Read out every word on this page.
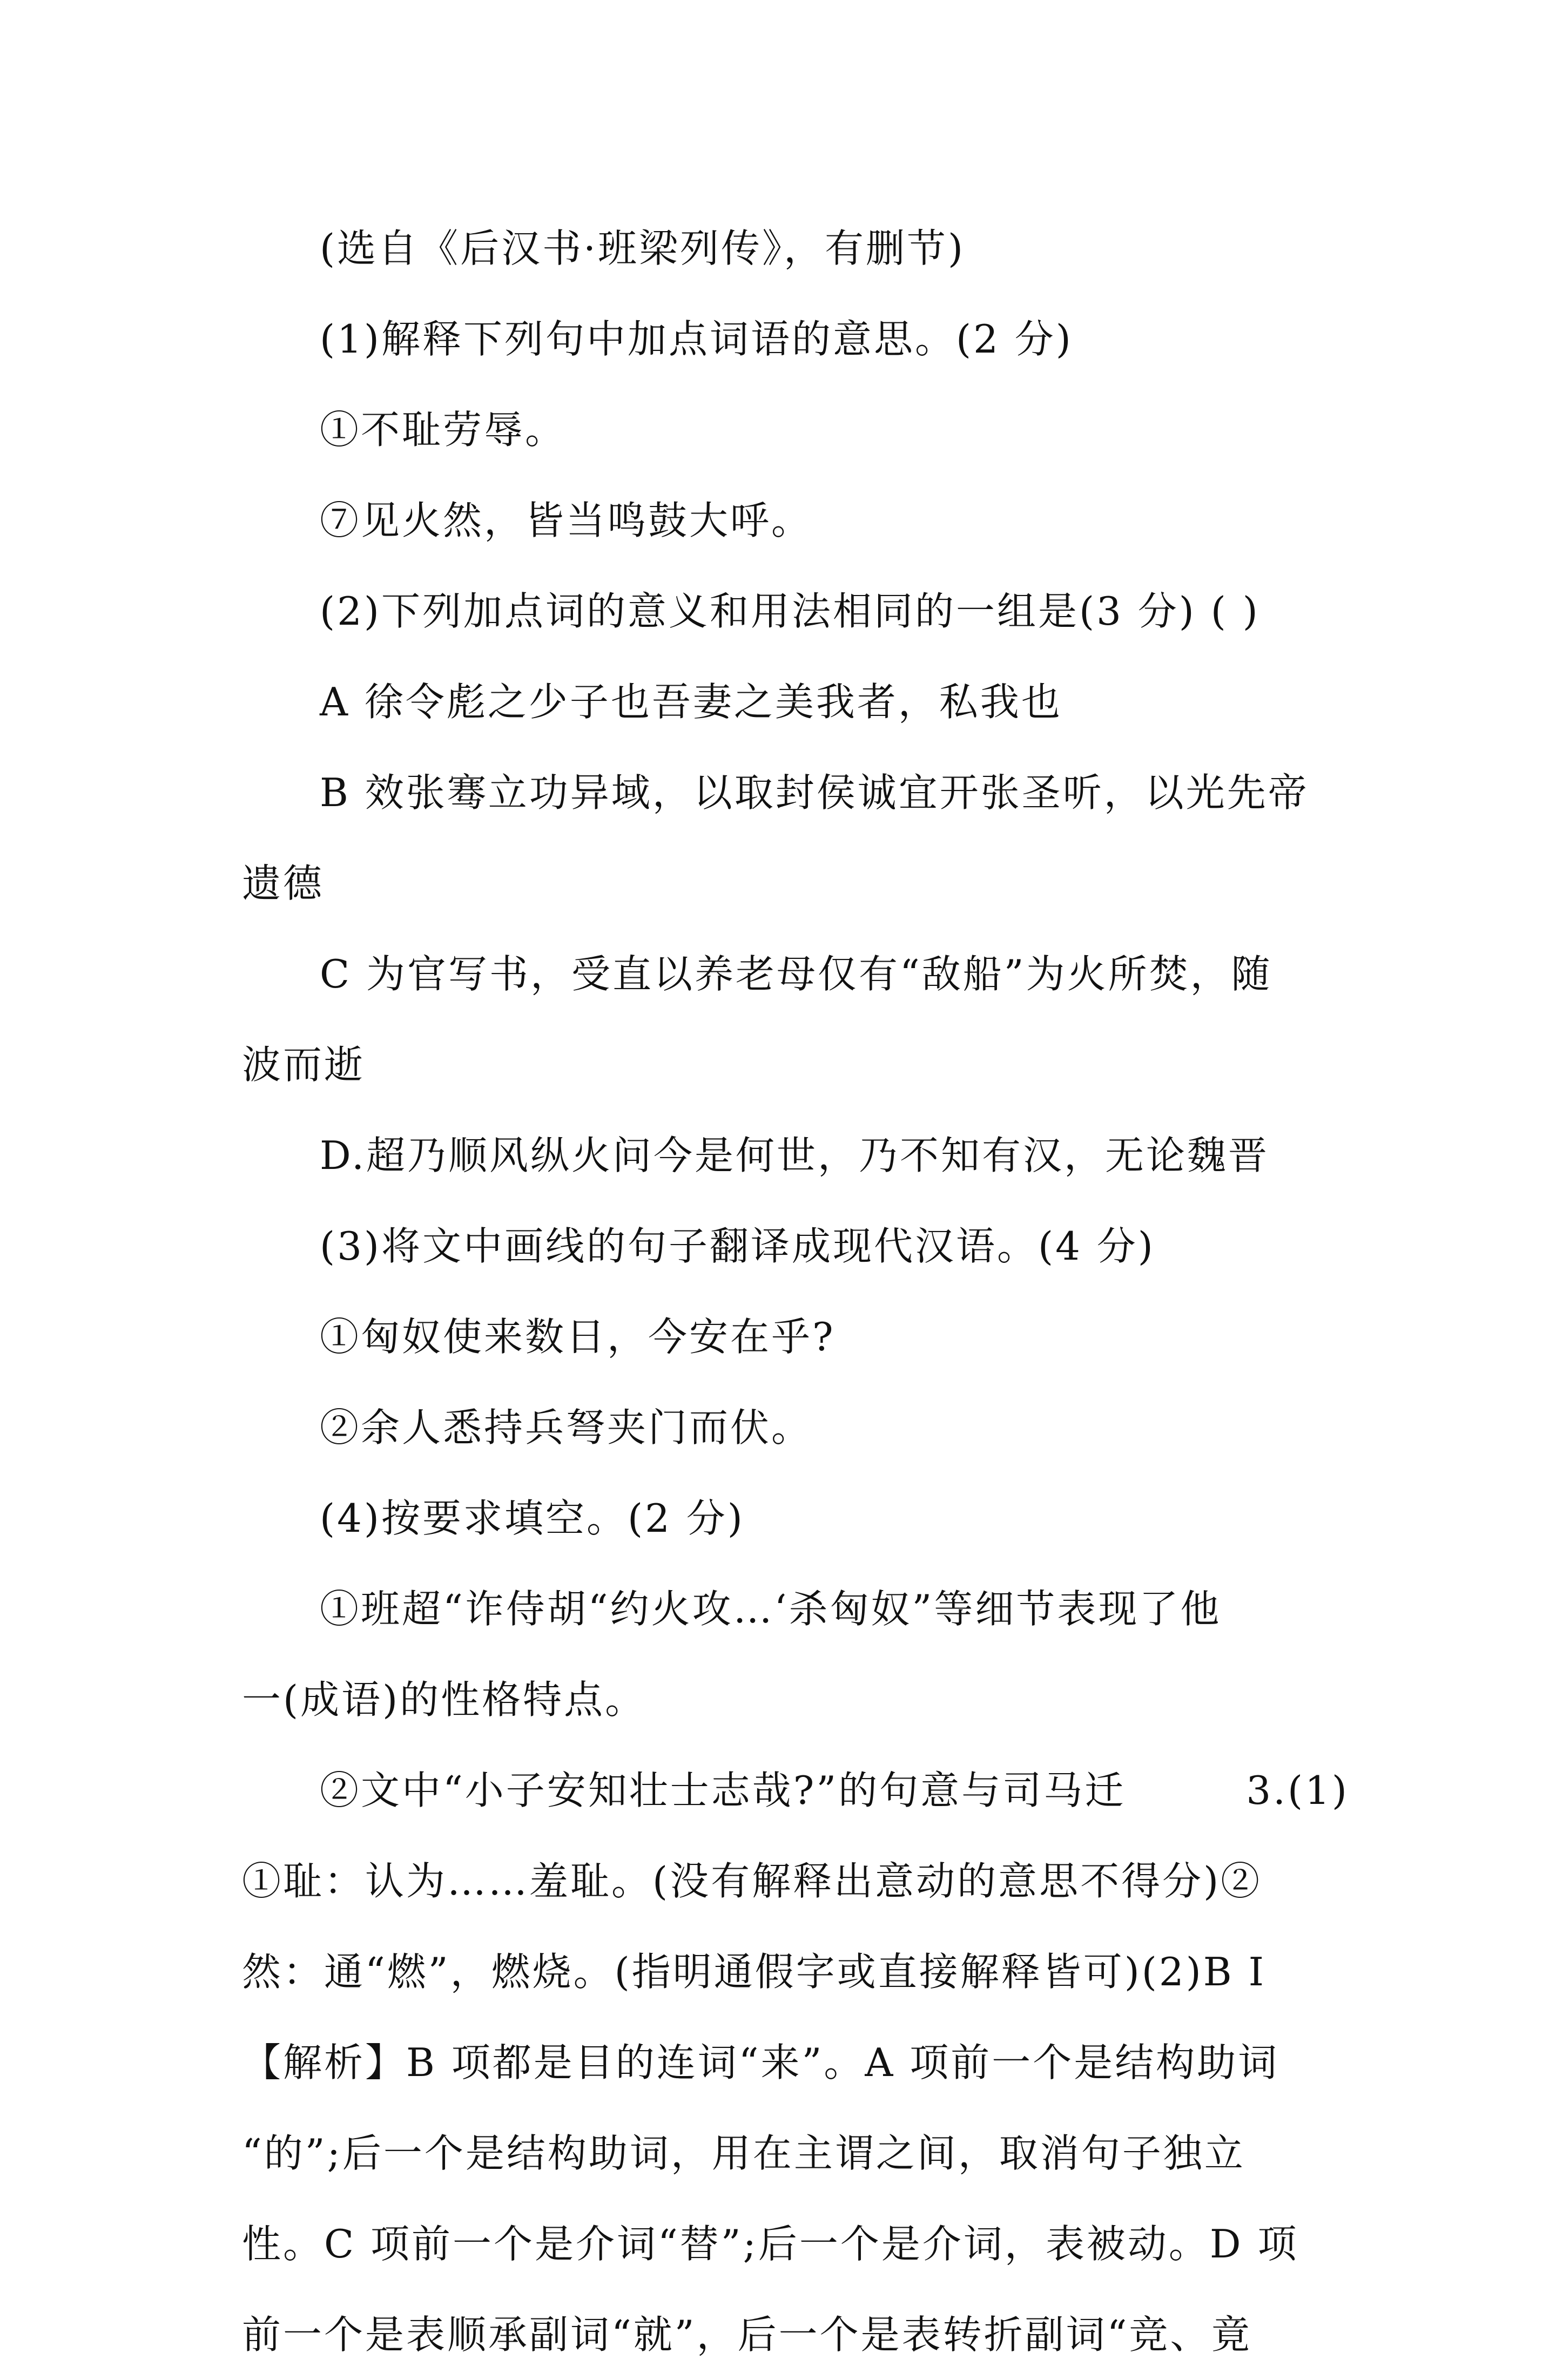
(选自《后汉书·班梁列传》，有删节)
(1)解释下列句中加点词语的意思。(2 分)
①不耻劳辱。
⑦见火然，皆当鸣鼓大呼。
(2)下列加点词的意义和用法相同的一组是(3 分) ( )
A 徐令彪之少子也吾妻之美我者，私我也
B 效张骞立功异域，以取封侯诚宜开张圣听，以光先帝
遗德
C 为官写书，受直以养老母仅有“敌船”为火所焚，随
波而逝
D.超乃顺风纵火问今是何世，乃不知有汉，无论魏晋
(3)将文中画线的句子翻译成现代汉语。(4 分)
①匈奴使来数日，今安在乎?
②余人悉持兵弩夹门而伏。
(4)按要求填空。(2 分)
①班超“诈侍胡“约火攻…‘杀匈奴”等细节表现了他
一(成语)的性格特点。
②文中“小子安知壮士志哉?”的句意与司马迁	3.(1)
①耻：认为……羞耻。(没有解释出意动的意思不得分)②
然：通“燃”，燃烧。(指明通假字或直接解释皆可)(2)B I
【解析】B 项都是目的连词“来”。A 项前一个是结构助词
“的”;后一个是结构助词，用在主谓之间，取消句子独立
性。C 项前一个是介词“替”;后一个是介词，表被动。D 项
前一个是表顺承副词“就”，后一个是表转折副词“竞、竟
